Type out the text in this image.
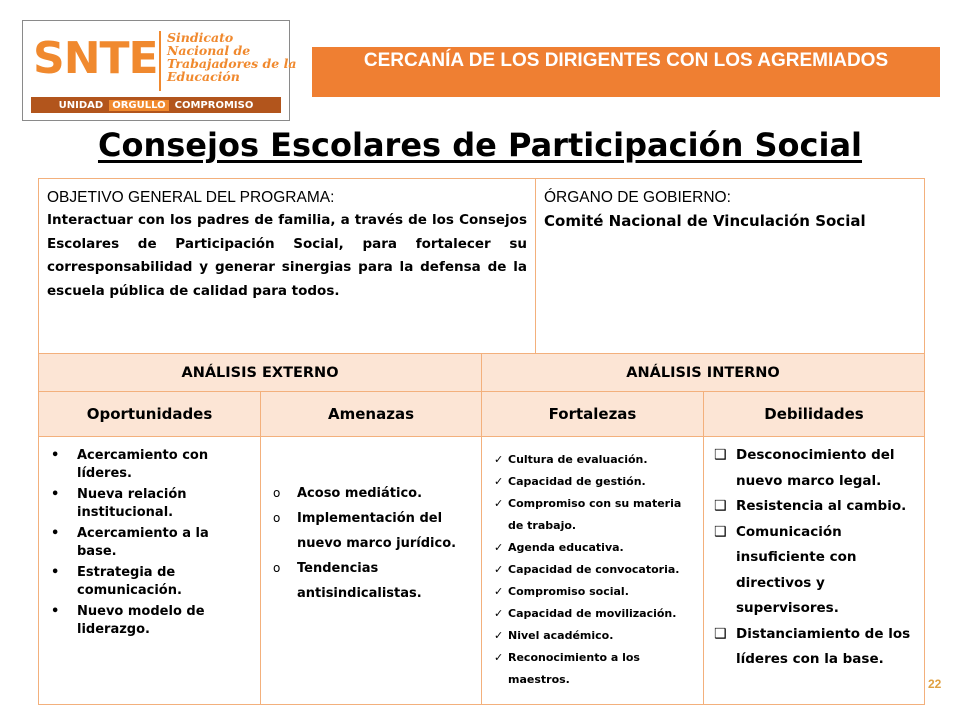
SNTE Sindicato
Nacional de
Trabajadores de la
Educación
UNIDAD ORGULLO COMPROMISO
CERCANÍA DE LOS DIRIGENTES CON LOS AGREMIADOS
Consejos Escolares de Participación Social
OBJETIVO GENERAL DEL PROGRAMA:
Interactuar con los padres de familia, a través de los Consejos Escolares de Participación Social, para fortalecer su corresponsabilidad y generar sinergias para la defensa de la escuela pública de calidad para todos.
ÓRGANO DE GOBIERNO:
Comité Nacional de Vinculación Social
ANÁLISIS EXTERNO	ANÁLISIS INTERNO
Oportunidades	Amenazas	Fortalezas	Debilidades
• Acercamiento con líderes.
• Nueva relación institucional.
• Acercamiento a la base.
• Estrategia de comunicación.
• Nuevo modelo de liderazgo.
o Acoso mediático.
o Implementación del nuevo marco jurídico.
o Tendencias antisindicalistas.
✓ Cultura de evaluación.
✓ Capacidad de gestión.
✓ Compromiso con su materia de trabajo.
✓ Agenda educativa.
✓ Capacidad de convocatoria.
✓ Compromiso social.
✓ Capacidad de movilización.
✓ Nivel académico.
✓ Reconocimiento a los maestros.
❑ Desconocimiento del nuevo marco legal.
❑ Resistencia al cambio.
❑ Comunicación insuficiente con directivos y supervisores.
❑ Distanciamiento de los líderes con la base.
22
